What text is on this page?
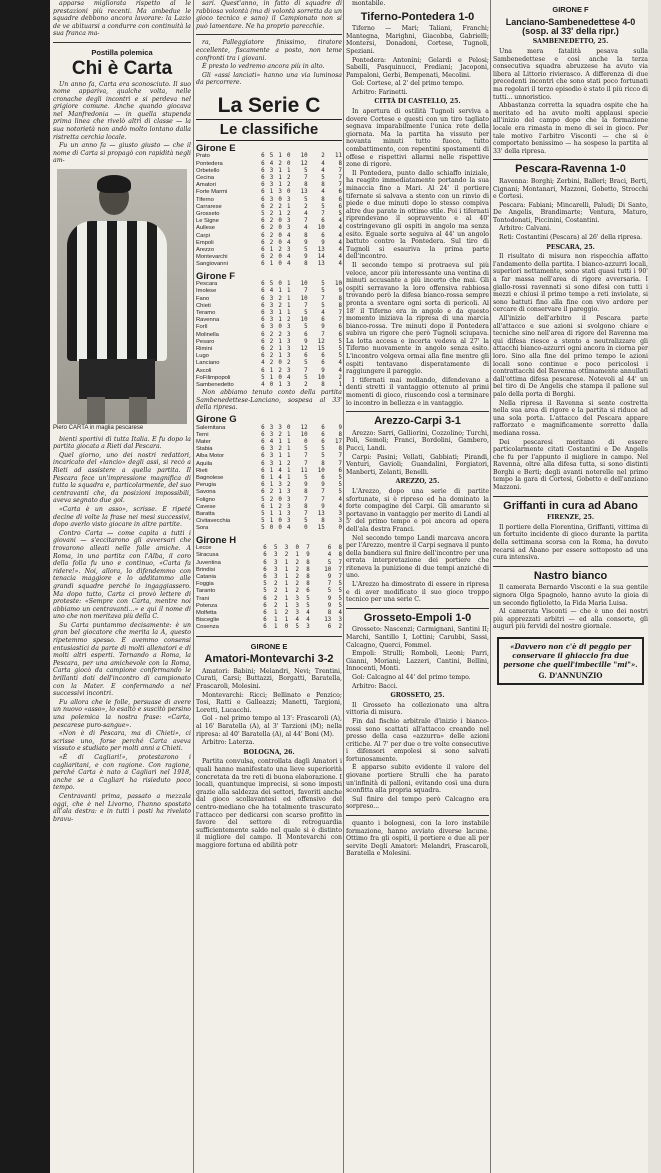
apparsa migliorata rispetto al le prestazioni più recenti. Ma ambedue le squadre debbono ancora lavorare: la Lazio de ve abituarsi a condurre con continuità la sua franca ma-

Postilla polemica
Chi è Carta

Un anno fa, Carta era sconosciuto. Il suo nome appariva, qualche volta, nelle cronache degli incontri e si perdeva nel grigiore comune. Anche quando giocava nel Manfredonia — in quella stupenda prima linea che rivelò altri di classe — la sua notorietà non andò molto lontano dalla ristretta cerchia locale.

Fu un anno fa — giusto giusto — che il nome di Carta si propagò con rapidità negli am-

Piero CARTA in maglia pescarese

bienti sportivi di tutta Italia. E fu dopo la partita giocata a Rieti dal Pescara.

Quel giorno, uno dei nostri redattori, incaricato del «lancio» degli assi, si recò a Rieti ad assistere a quella partita. Il Pescara fece un'impressione magnifica di tutta la squadra e, particolarmente, del suo centravanti che, da posizioni impossibili, aveva segnato due gol.

«Carta è un asso», scrisse. E ripeté decine di volte la frase nei mesi successivi, dopo averlo visto giocare in altre partite.

Contro Carta — come capita a tutti i giovani — s'eccitarono gli avversari che trovarono alleati nelle folle amiche. A Roma, in una partita con l'Alba, il coro della folla fu uno e continuo, «Carta fa ridere!». Noi, allora, lo difendemmo con tenacia maggiore e lo additammo alle grandi squadre perché lo ingaggiassero. Ma dopo tutto, Carta ci provò lettere di proteste: «Sempre con Carta, mentre noi abbiamo un centravanti...» e qui il nome di uno che non meritava più della C.

Su Carta puntammo decisamente: è un gran bel giocatore che merita la A, questo ripetemmo spesso. E avemmo consensi entusiastici da parte di molti allenatori e di molti altri esperti. Tornando a Roma, la Pescara, per una amichevole con la Roma, Carta giocò da campione confermando le brillanti doti dell'incontro di campionato con la Mater. E confermando a nel successivi incontri.

Fu allora che le folle, persuase di avere un nuovo «asso», lo esaltò e suscitò persino una polemica la nostra frase: «Carta, pescarese puro-sangue».

«Non è di Pescara, ma di Chieti», ci scrisse uno, forse perché Carta aveva vissuto e studiato per molti anni a Chieti.

«È di Cagliari!», protestarono i cagliaritani, e con ragione. Con ragione, perché Carta è nato a Cagliari nel 1918, anche se a Cagliari ha risieduto poco tempo.

Centravanti prima, passato a mezzala oggi, che è nel Livorno, l'hanno spostato all'ala destra: e in tutti i posti ha rivelato bravu-

sari. Quest'anno, in fatto di squadre di rabbiosa volontà (ma di volontà sorretta da un gioco tecnico e sano) il Campionato non si può lamentare. Ne ha proprio parecchie.

ra, Palleggiatore finissimo, tiratore eccellente, fiscamente a posto, non teme confronti tra i giovani.

È presto lo vedremo ancora più in alto.

Gli «assi lanciati» hanno una via luminosa da percorrere.

La Serie C
Le classifiche
Girone E
Prato	6	5	1	0	10	2	11
Pontedera	6	4	2	0	12	4	8
Orbetello	6	3	1	1	5	4	7
Cecina	6	3	1	2	7	5	7
Amatori	6	3	1	2	8	8	7
Forte Marmi	6	1	3	0	13	4	6
Tiferno	6	3	0	3	5	8	6
Carrarese	6	2	2	1	2	5	6
Grosseto	5	2	1	2	4	7	5
Le Signe	6	2	0	3	7	6	4
Aullese	6	2	0	3	4	10	4
Carpi	6	2	0	4	8	6	4
Empoli	6	2	0	4	9	9	4
Arezzo	6	1	2	3	5	13	4
Montevarchi	6	2	0	4	9	14	4
Sangiovanni	6	1	0	4	8	13	4
Girone F
Pescara	6	5	0	1	10	5	10
Imolese	6	4	1	1	7	5	9
Fano	6	3	2	1	10	7	8
Chieti	6	3	2	1	7	5	8
Teramo	6	3	1	1	5	4	7
Ravenna	6	3	1	2	10	6	7
Forlì	6	3	0	3	5	9	6
Molinella	6	2	2	3	6	7	6
Pesaro	6	2	1	3	9	12	5
Rimini	6	2	1	3	12	15	5
Lugo	6	2	1	3	6	6	5
Lanciano	4	2	0	2	5	6	4
Ascoli	6	1	2	3	7	9	4
FoFilimpopoli	5	1	0	4	5	10	2
Sambenedetto	4	0	1	3	2	8	1

Non abbiamo tenuto conto della partita Sambenedettese-Lanciano, sospesa al 33' della ripresa.

Girone G
Salernitana	6	3	3	0	12	6	9
Terni	6	3	2	1	10	6	8
Mater	6	4	1	1	0	6	17
Stabia	6	3	2	1	5	5	8
Alba Motor	6	3	1	1	7	5	7
Aquila	6	3	1	2	7	8	7
Rieti	6	1	4	1	11	10	6
Bagnolese	6	1	4	1	5	6	5
Perugia	6	1	3	2	9	9	5
Savona	6	2	1	3	8	7	5
Foligno	5	2	0	3	7	7	4
Cavese	6	1	2	3	8	9	4
Baratta	5	1	1	3	7	13	3
Civitavecchia	5	1	0	3	5	8	3
Sora	5	0	0	4	0	15	0
Girone H
Lecce	6	5	3	0	7	6	8
Siracusa	6	3	2	1	9	4	8
Juventina	6	3	1	2	8	5	7
Brindisi	6	3	1	2	8	10	7
Catania	6	3	1	2	8	9	7
Foggia	5	2	1	2	8	7	5
Taranto	5	2	1	2	6	5	5
Trani	6	2	1	3	5	9	5
Potenza	6	2	1	3	5	9	5
Molfetta	6	1	2	3	4	8	4
Bisceglie	6	1	1	4	4	13	3
Cosenza	6	1	0	5	3	6	2
GIRONE E
Amatori-Montevarchi 3-2

Amatori: Babini; Melandri, Nevi; Trentini, Curati, Carsi; Buttazzi, Borgatti, Baratella, Frascaroli, Molesini.

Montevarchi: Ricci; Bellinato e Penzico; Tosi, Ratti e Galleazzi; Manetti, Targioni, Loretti, Lucacchi.

Gol - nel primo tempo al 13': Frascaroli (A), al 16' Baratella (A), al 3' Tarzioni (M); nella ripresa: al 40' Baratella (A), al 44' Boni (M).

Arbitro: Laterza.

BOLOGNA, 26.

Partita convulsa, controllata dagli Amatori i quali hanno manifestato una lieve superiorità concretata da tre reti di buona elaborazione. I locali, quantunque imprecisi, si sono imposti grazie alla saldezza dei settori, favoriti anche dal gioco scollavantesi ed offensivo del centro-mediano che ha totalmente trascurato l'attacco per dedicarsi con scarso profitto in favore del settore di retroguardia sufficientemente saldo nel quale si è distinto il migliore del campo. Il Montevarchi con maggiore fortuna ed abilità potr

montabile.

Tiferno-Pontedera 1-0

Tiferno — Mari; Taliani, Franchi; Mantegna, Marighni, Giacobba, Gabrielli; Montersi, Donadoni, Cortese, Tugnoli, Speziani.

Pontedera: Antonini; Gelardi e Pelosi; Sabelli, Pasquinucci, Frediani; Jacoponi, Pampaloni, Gerbi, Bempenati, Mecolini.

Gol: Cortese, al 2' del primo tempo.

Arbitro: Farinetti.

CITTÀ DI CASTELLO, 25.

In apertura di ostilità Tugnoli serviva a dovere Cortese e questi con un tiro tagliato segnava imparabilmente l'unica rete della giornata. Ma la partita ha vissuto per novanta minuti tutto fuoco, tutto combattimento, con repentini spostamenti di offese e rispettivi allarmi nelle rispettive zone di rigore.

Il Pontedera, punto dallo schiaffo iniziale, ha reagito immediatamente portando la sua minaccia fino a Mari. Al 24' il portiere tifernate si salvava a stento con un rinvio di piede e due minuti dopo lo stesso compiva altre due parate in ottimo stile. Poi i tifernati riprendevano il sopravvento e al 40' costringevano gli ospiti in angolo ma senza esito. Eguale sorte seguiva al 44' un angolo battuto contro la Pontedera. Sul tiro di Tugnoli si esauriva la prima parte dell'incontro.

Il secondo tempo si protraeva sul più veloce, ancor più interessante una ventina di minuti accusante a più incerto che mai. Gli ospiti serravano la loro offensiva rabbiosa trovando però la difesa bianco-rossa sempre pronta a sventare ogni sorta di pericoli. Al 18' il Tiferno era in angolo e da questo momento iniziava la ripresa di una marcia bianco-rossa. Tre minuti dopo il Pontedera subiva un rigore che però Tugnoli sciupava. La lotta accesa e incerta vedeva al 27' la Tiferno nuovamente in angolo senza esito. L'incontro volgeva ormai alla fine mentre gli ospiti tentavano disperatamente di raggiungere il pareggio.

I tifernati mai mollando, difendevano a denti stretti il vantaggio ottenuto al primi momenti di gioco, riuscendo così a terminare lo incontro in bellezza e in vantaggio.

Arezzo-Carpi 3-1

Arezzo: Sarri, Galliorini, Cozzolino; Turchi, Poli, Semoli; Franci, Bordolini, Gambero, Pucci, Landi.

Carpi: Pasini; Vellati, Gabbiati; Pirandi, Venturi, Gavioli; Guandalini, Forgiatori, Manberti, Zelanti, Benelli.

AREZZO, 25.

L'Arezzo, dopo una serie di partite sfortunate, si è ripreso ed ha dominato la forte compagine del Carpi. Gli amaranto si portavano in vantaggio per merito di Landi al 5' del primo tempo e poi ancora ad opera dell'ala destra Franci.

Nel secondo tempo Landi marcava ancora per l'Arezzo, mentre il Carpi segnava il punto della bandiera sul finire dell'incontro per una errata interpretazione dei portiere che riteneva la punizione di due tempi anziché di uno.

L'Arezzo ha dimostrato di essere in ripresa e di aver modificato il suo gioco troppo tecnico per una serie C.

Grosseto-Empoli 1-0

Grosseto: Nascenzi; Carmignani, Santini II; Marchi, Santillo I, Lottini; Carubbi, Sassi, Calcagno, Querci, Fommel.

Empoli: Strulli; Romboli, Leoni; Parri, Gianni, Moriani; Lazzeri, Cantini, Bellini, Innocenti, Monti.

Gol: Calcagno al 44' del primo tempo.

Arbitro: Bacci.

GROSSETO, 25.

Il Grosseto ha collezionato una altra vittoria di misura.

Fin dal fischio arbitrale d'inizio i bianco-rossi sono scattati all'attacco creando nel presso della casa «azzurra» delle azioni critiche. Al 7' per due o tre volte consecutive i difensori empolesi si sono salvati fortunosamente.

È apparso subito evidente il valore del giovane portiere Strulli che ha parato un'infinità di palloni, evitando così una dura sconfitta alla propria squadra.

Sul finire del tempo però Calcagno era sorpreso...

quanto i bolognesi, con la loro instabile formazione, hanno avviato diverse lacune. Ottimo fra gli ospiti, il portiere e due ali per servite Degli Amatori: Melandri, Frascaroli, Baratella e Molesini.

GIRONE F
Lanciano-Sambenedettese 4-0 (sosp. al 33' della ripr.)
SAMBENEDETTO, 25.

Una mera fatalità pesava sulla Sambenedettese e così anche la terza consecutiva squadra abruzzese ha avuto via libera al Littorio rivierasco. A differenza di due precedenti incontri che sono stati poco fortunati ma regolari il terzo episodio è stato il più ricco di tutti... unnoristico.

Abbastanza corretta la squadra ospite che ha meritato ed ha avuto molti applausi specie all'inizio del campo dopo che la formazione locale era rimasta in meno di sei in gioco. Per tale motivo l'arbitro Visconti — che si è comportato benissimo — ha sospeso la partita al 33' della ripresa.

Pescara-Ravenna 1-0

Ravenna: Borghi; Zerbini, Balleri; Braci, Berti, Cignani; Montanari, Mazzoni, Gobetto, Strocchi e Cortesi.

Pescara: Fabiani; Mincarelli, Paludi; Di Santo, De Angelis, Brandimarte; Ventura, Maturo, Tontodonati, Piccinini, Costantini.

Arbitro: Calvani.

Reti: Costantini (Pescara) al 26' della ripresa.

PESCARA, 25.

Il risultato di misura non rispecchia affatto l'andamento della partita. I bianco-azzurri locali, superiori nettamente, sono stati quasi tutti i 90' a far massa nell'area di rigore avversaria. I giallo-rossi ravennati si sono difesi con tutti i mezzi e chiusi il primo tempo a reti inviolate, si sono battuti fino alla fine con vivo ardore per cercare di conservare il pareggio.

All'inizio dell'arbitro il Pescara parte all'attacco e sue azioni si svolgono chiare e tecniche sino nell'area di rigore del Ravenna ma qui difesa riesce a stento a neutralizzare gli attacchi bianco-azzurri ogni ancora in ciorna per loro. Sino alla fine del primo tempo le azioni locali sono continue e poco pericolosi i contrattacchi del Ravenna ottimamente annullati dall'ottima difesa pescarese. Notevoli al 44' un bel tiro di De Angelis che stampa il pallone sul palo della porta di Borghi.

Nella ripresa il Ravenna si sente costretta nella sua area di rigore e la partita si riduce ad una sola porta. L'attacco del Pescara appare rafforzato e magnificamente sorretto dalla mediana rossa.

Dei pescaresi meritano di essere particolarmente citati Costantini e De Angelis che fu per l'appunto il migliore in campo. Nel Ravenna, oltre alla difesa tutta, si sono distinti Borghi e Berti; degli avanti noterelle nel primo tempo la gara di Cortesi, Gobetto e dell'anziano Mazzoni.

Griffanti in cura ad Abano
FIRENZE, 25.

Il portiere della Fiorentina, Griffanti, vittima di un fortuito incidente di gioco durante la partita della settimana scorsa con la Roma, ha dovuto recarsi ad Abano per essere sottoposto ad una cura intensiva.

Nastro bianco

Il camerata Bernardo Visconti e la sua gentile signora Olga Spagnolo, hanno avuto la gioia di un secondo figlioletto, la Fida Maria Luisa.

Al camerata Visconti — che è uno dei nostri più apprezzati arbitri — ed alla consorte, gli auguri più fervidi del nostro giornale.

«Davvero non c'è di peggio per conservare il ghiaccio fra due persone che quell'imbecille "mi"».
G. D'ANNUNZIO
